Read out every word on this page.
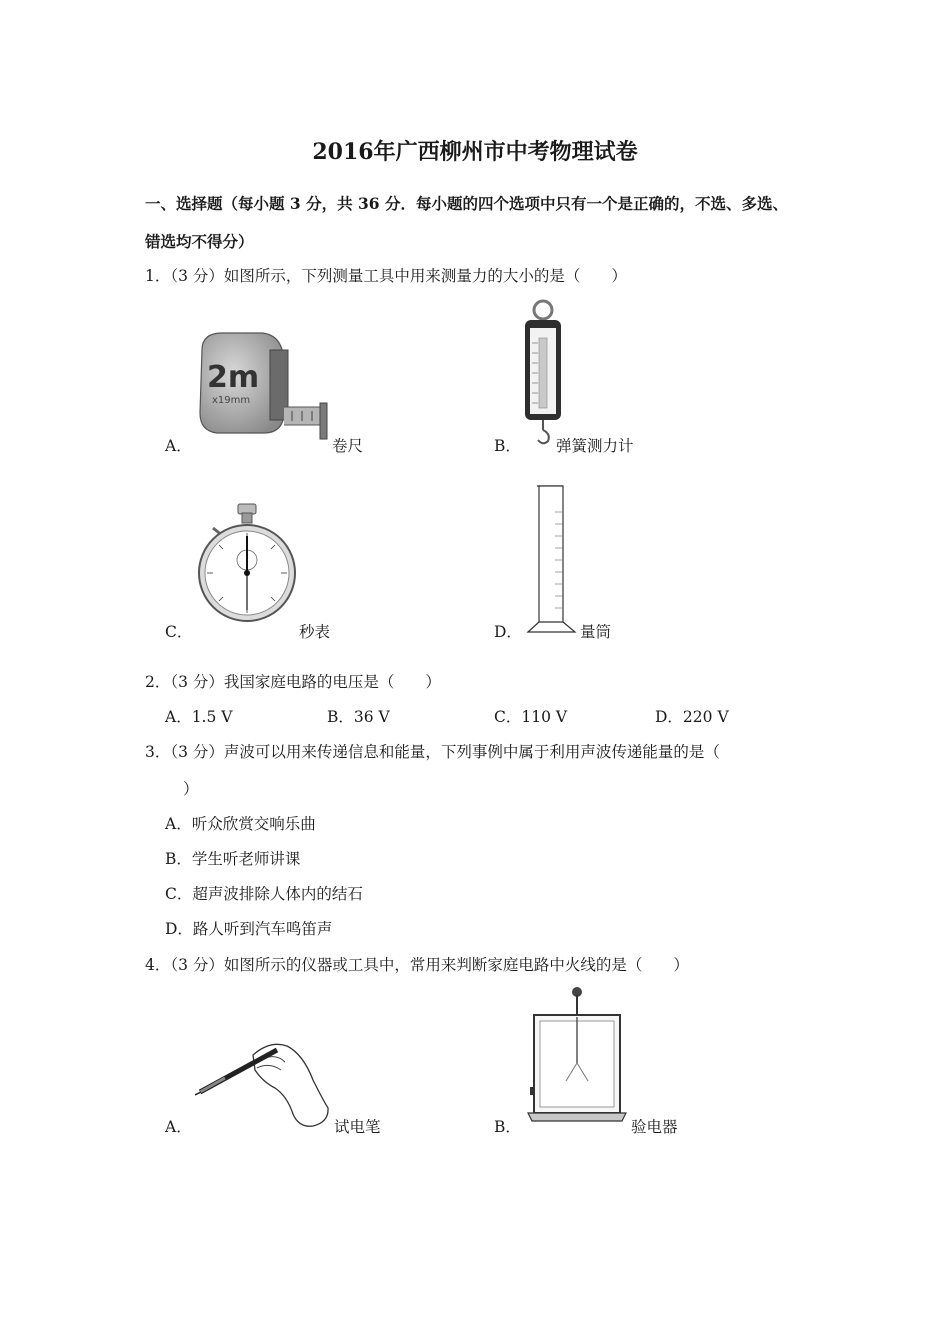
2016年广西柳州市中考物理试卷
一、选择题（每小题 3 分，共 36 分．每小题的四个选项中只有一个是正确的，不选、多选、
错选均不得分）
1．（3 分）如图所示，下列测量工具中用来测量力的大小的是（　　）
2m
x19mm
A．	卷尺	B． 弹簧测力计
C．	秒表	D．	量筒
2．（3 分）我国家庭电路的电压是（　　）
A．1.5 V	B．36 V	C．110 V	D．220 V
3．（3 分）声波可以用来传递信息和能量，下列事例中属于利用声波传递能量的是（
）
A．听众欣赏交响乐曲
B．学生听老师讲课
C．超声波排除人体内的结石
D．路人听到汽车鸣笛声
4．（3 分）如图所示的仪器或工具中，常用来判断家庭电路中火线的是（　　）
A．	试电笔	B．	验电器
